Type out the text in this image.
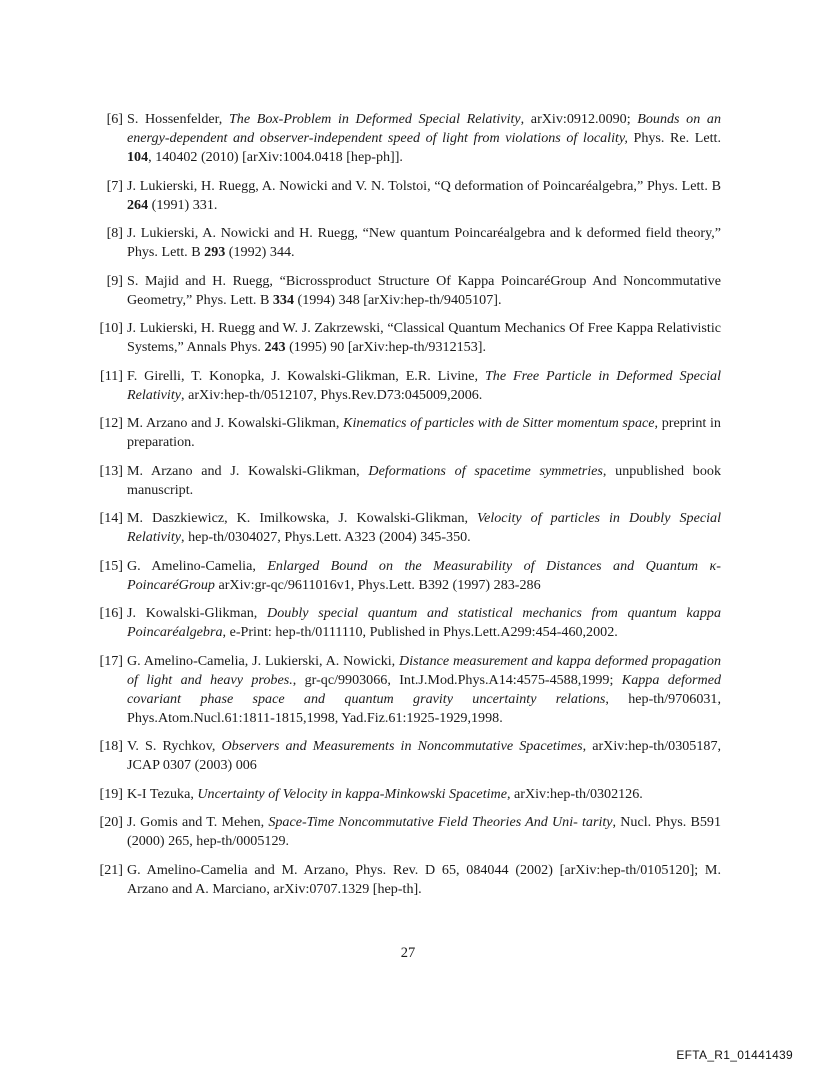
[6] S. Hossenfelder, The Box-Problem in Deformed Special Relativity, arXiv:0912.0090; Bounds on an energy-dependent and observer-independent speed of light from violations of locality, Phys. Re. Lett. 104, 140402 (2010) [arXiv:1004.0418 [hep-ph]].
[7] J. Lukierski, H. Ruegg, A. Nowicki and V. N. Tolstoi, “Q deformation of Poincaréalgebra,” Phys. Lett. B 264 (1991) 331.
[8] J. Lukierski, A. Nowicki and H. Ruegg, “New quantum Poincaréalgebra and k deformed field theory,” Phys. Lett. B 293 (1992) 344.
[9] S. Majid and H. Ruegg, “Bicrossproduct Structure Of Kappa PoincaréGroup And Noncommutative Geometry,” Phys. Lett. B 334 (1994) 348 [arXiv:hep-th/9405107].
[10] J. Lukierski, H. Ruegg and W. J. Zakrzewski, “Classical Quantum Mechanics Of Free Kappa Relativistic Systems,” Annals Phys. 243 (1995) 90 [arXiv:hep-th/9312153].
[11] F. Girelli, T. Konopka, J. Kowalski-Glikman, E.R. Livine, The Free Particle in Deformed Special Relativity, arXiv:hep-th/0512107, Phys.Rev.D73:045009,2006.
[12] M. Arzano and J. Kowalski-Glikman, Kinematics of particles with de Sitter momentum space, preprint in preparation.
[13] M. Arzano and J. Kowalski-Glikman, Deformations of spacetime symmetries, unpublished book manuscript.
[14] M. Daszkiewicz, K. Imilkowska, J. Kowalski-Glikman, Velocity of particles in Doubly Special Relativity, hep-th/0304027, Phys.Lett. A323 (2004) 345-350.
[15] G. Amelino-Camelia, Enlarged Bound on the Measurability of Distances and Quantum κ-PoincaréGroup arXiv:gr-qc/9611016v1, Phys.Lett. B392 (1997) 283-286
[16] J. Kowalski-Glikman, Doubly special quantum and statistical mechanics from quantum kappa Poincaréalgebra, e-Print: hep-th/0111110, Published in Phys.Lett.A299:454-460,2002.
[17] G. Amelino-Camelia, J. Lukierski, A. Nowicki, Distance measurement and kappa deformed propagation of light and heavy probes., gr-qc/9903066, Int.J.Mod.Phys.A14:4575-4588,1999; Kappa deformed covariant phase space and quantum gravity uncertainty relations, hep-th/9706031, Phys.Atom.Nucl.61:1811-1815,1998, Yad.Fiz.61:1925-1929,1998.
[18] V. S. Rychkov, Observers and Measurements in Noncommutative Spacetimes, arXiv:hep-th/0305187, JCAP 0307 (2003) 006
[19] K-I Tezuka, Uncertainty of Velocity in kappa-Minkowski Spacetime, arXiv:hep-th/0302126.
[20] J. Gomis and T. Mehen, Space-Time Noncommutative Field Theories And Uni- tarity, Nucl. Phys. B591 (2000) 265, hep-th/0005129.
[21] G. Amelino-Camelia and M. Arzano, Phys. Rev. D 65, 084044 (2002) [arXiv:hep-th/0105120]; M. Arzano and A. Marciano, arXiv:0707.1329 [hep-th].
27
EFTA_R1_01441439
